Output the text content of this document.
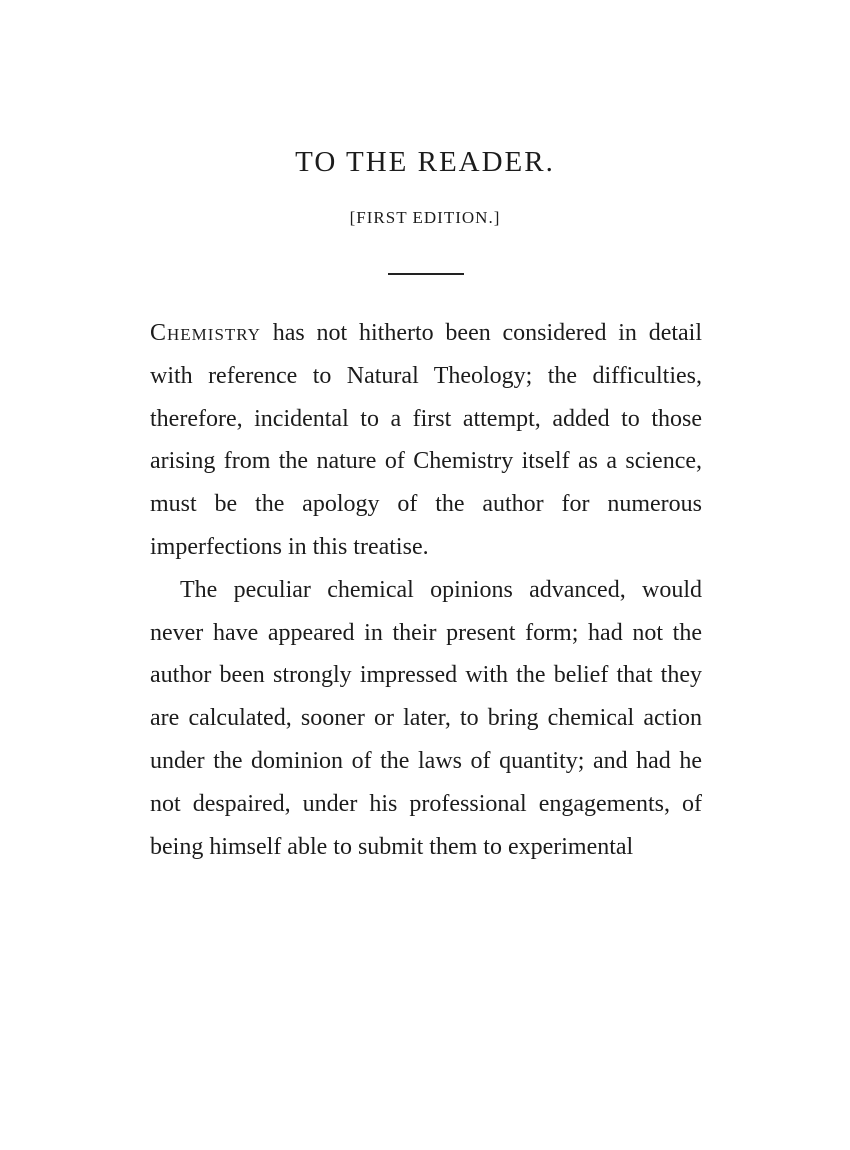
TO THE READER.
[FIRST EDITION.]

Chemistry has not hitherto been considered in detail with reference to Natural Theology; the difficulties, therefore, incidental to a first attempt, added to those arising from the nature of Chemistry itself as a science, must be the apology of the author for numerous imperfections in this treatise.

The peculiar chemical opinions advanced, would never have appeared in their present form; had not the author been strongly impressed with the belief that they are calculated, sooner or later, to bring chemical action under the dominion of the laws of quantity; and had he not despaired, under his professional engagements, of being himself able to submit them to experimental
